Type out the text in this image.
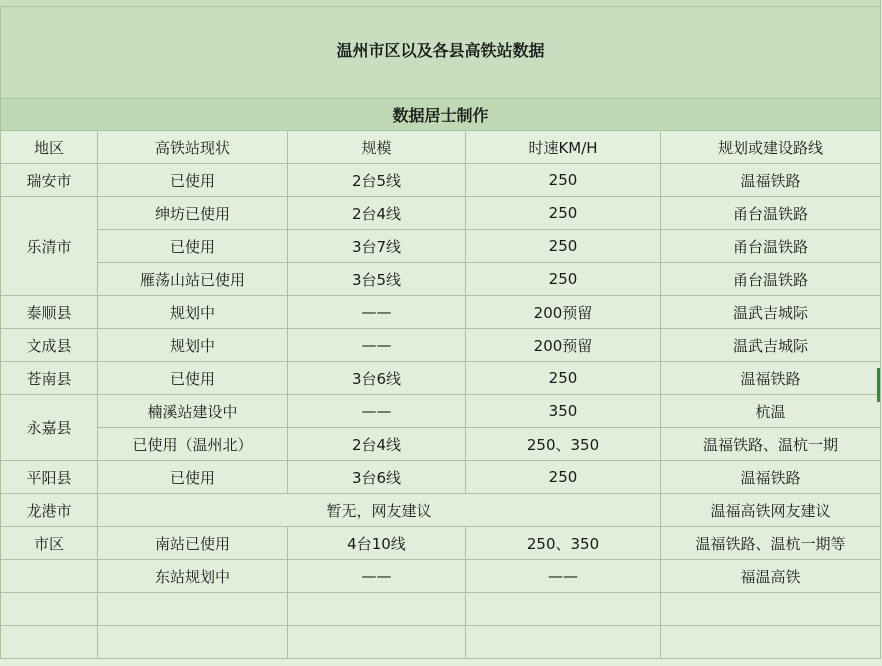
温州市区以及各县高铁站数据				
数据居士制作				
地区	高铁站现状	规模	时速KM/H	规划或建设路线
瑞安市	已使用	2台5线	250	温福铁路
乐清市	绅坊已使用	2台4线	250	甬台温铁路
	已使用	3台7线	250	甬台温铁路
	雁荡山站已使用	3台5线	250	甬台温铁路
泰顺县	规划中	——	200预留	温武吉城际
文成县	规划中	——	200预留	温武吉城际
苍南县	已使用	3台6线	250	温福铁路
永嘉县	楠溪站建设中	——	350	杭温
	已使用（温州北）	2台4线	250、350	温福铁路、温杭一期
平阳县	已使用	3台6线	250	温福铁路
龙港市	暂无，网友建议			温福高铁网友建议
市区	南站已使用	4台10线	250、350	温福铁路、温杭一期等
	东站规划中	——	——	福温高铁
